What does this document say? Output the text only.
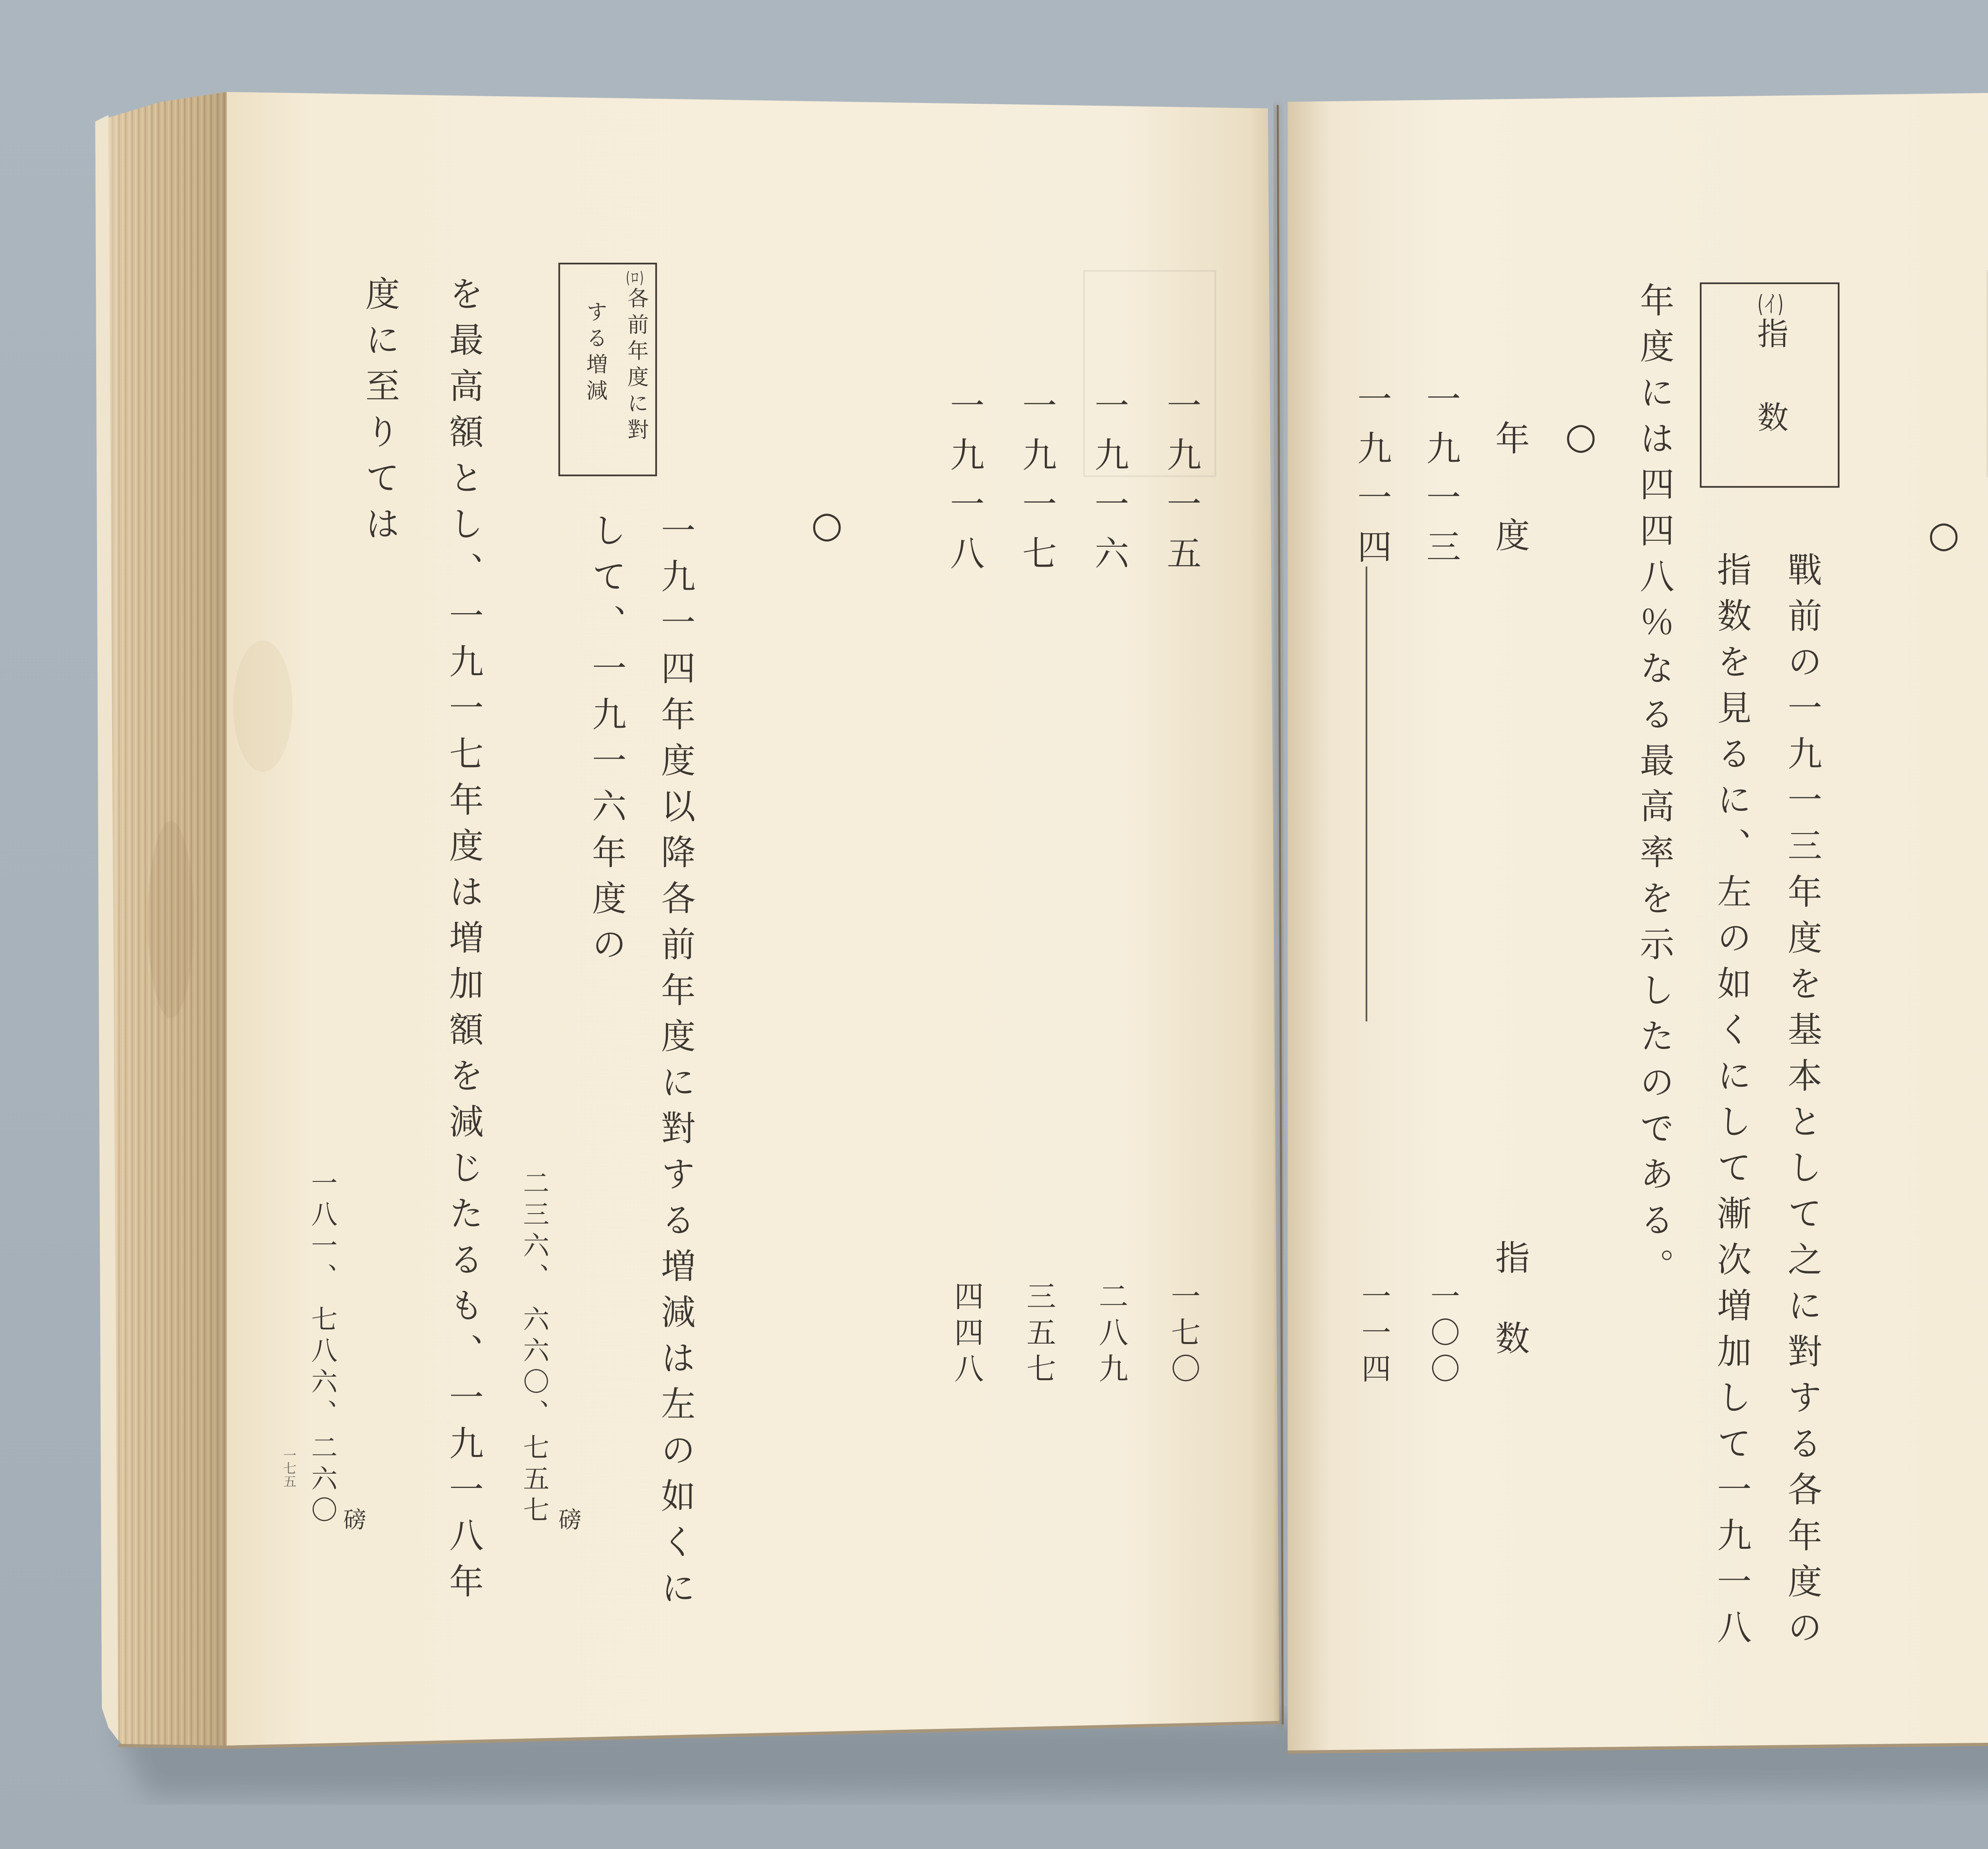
○
(イ)指数
戰前の一九一三年度を基本として之に對する各年度の
指数を見るに、左の如くにして漸次増加して一九一八
年度には四四八％なる最高率を示したのである。
○
年度
指数
一九一三
一〇〇
一九一四
一一四
一九一五
一七〇
一九一六
二八九
一九一七
三五七
一九一八
四四八
○
(ロ)各前年度に對
する増減
一九一四年度以降各前年度に對する増減は左の如くに
して、一九一六年度の
二三六、
六六〇、
七五七 磅
を最高額とし、一九一七年度は増加額を減じたるも、一九一八年
度に至りては
一八一、
七八六、
二六〇 磅
一七五
